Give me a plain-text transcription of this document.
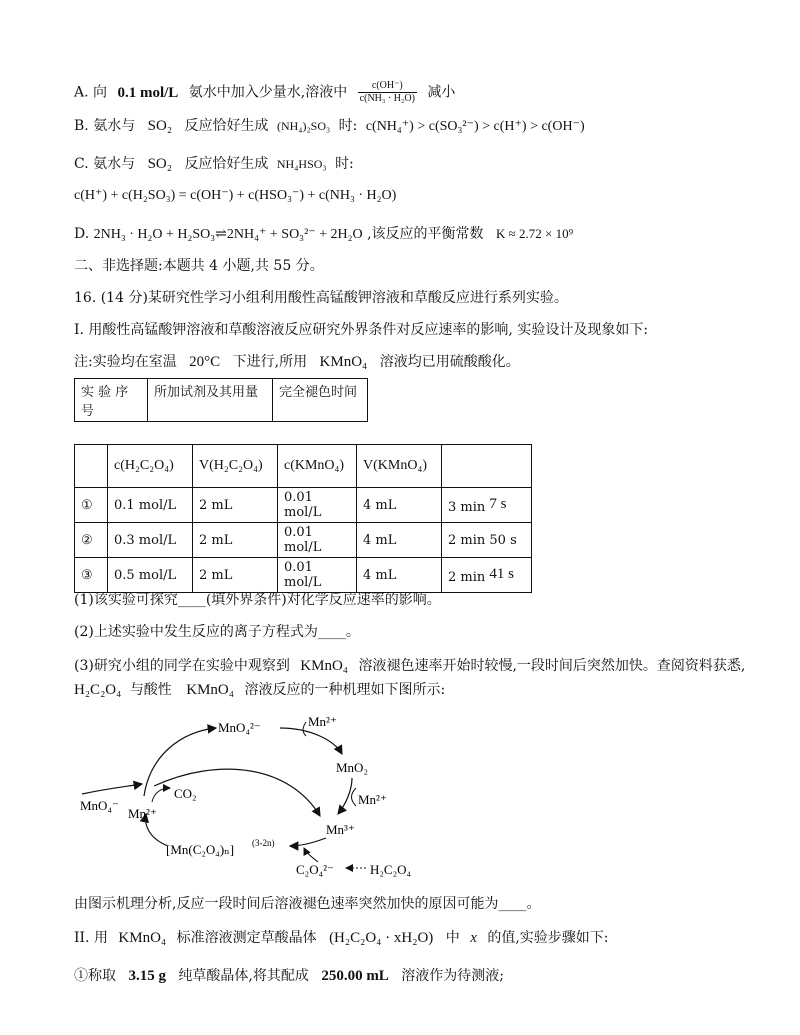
A. 向 0.1 mol/L 氨水中加入少量水,溶液中 $\frac{c(OH^-)}{\text{c(NH₃ · H₂O)}}$ 减小
B. 氨水与 SO₂ 反应恰好生成 (NH₄)₂SO₃ 时: c(NH₄⁺) > c(SO₃²⁻) > c(H⁺) > c(OH⁻)
C. 氨水与 SO₂ 反应恰好生成 NH₄HSO₃ 时:
c(H⁺) + c(H₂SO₃) = c(OH⁻) + c(HSO₃⁻) + c(NH₃ · H₂O)
D. 2NH₃ · H₂O + H₂SO₃⇌2NH₄⁺ + SO₃²⁻ + 2H₂O ,该反应的平衡常数 K ≈ 2.72 × 10⁹
二、非选择题:本题共 4 小题,共 55 分。
16. (14 分)某研究性学习小组利用酸性高锰酸钾溶液和草酸反应进行系列实验。
I. 用酸性高锰酸钾溶液和草酸溶液反应研究外界条件对反应速率的影响, 实验设计及现象如下:
注:实验均在室温 20°C 下进行,所用 KMnO₄ 溶液均已用硫酸酸化。
实 验 序号	所加试剂及其用量	完全褪色时间
	c(H₂C₂O₄)	V(H₂C₂O₄)	c(KMnO₄)	V(KMnO₄)	
①	0.1 mol/L	2 mL	0.01 mol/L	4 mL	3 min 7 s
②	0.3 mol/L	2 mL	0.01 mol/L	4 mL	2 min 50 s
③	0.5 mol/L	2 mL	0.01 mol/L	4 mL	2 min 41 s
(1)该实验可探究____(填外界条件)对化学反应速率的影响。
(2)上述实验中发生反应的离子方程式为____。
(3)研究小组的同学在实验中观察到 KMnO₄ 溶液褪色速率开始时较慢,一段时间后突然加快。查阅资料获悉,
H₂C₂O₄ 与酸性 KMnO₄ 溶液反应的一种机理如下图所示:
MnO₄⁻
MnO₄²⁻	Mn²⁺
MnO₂
Mn²⁺
Mn³⁺
Mn²⁺
CO₂
[Mn(C₂O₄)ₙ] (3-2n)
C₂O₄²⁻	H₂C₂O₄
由图示机理分析,反应一段时间后溶液褪色速率突然加快的原因可能为____。
II. 用 KMnO₄ 标准溶液测定草酸晶体 (H₂C₂O₄ · xH₂O) 中 x 的值,实验步骤如下:
①称取 3.15 g 纯草酸晶体,将其配成 250.00 mL 溶液作为待测液;
